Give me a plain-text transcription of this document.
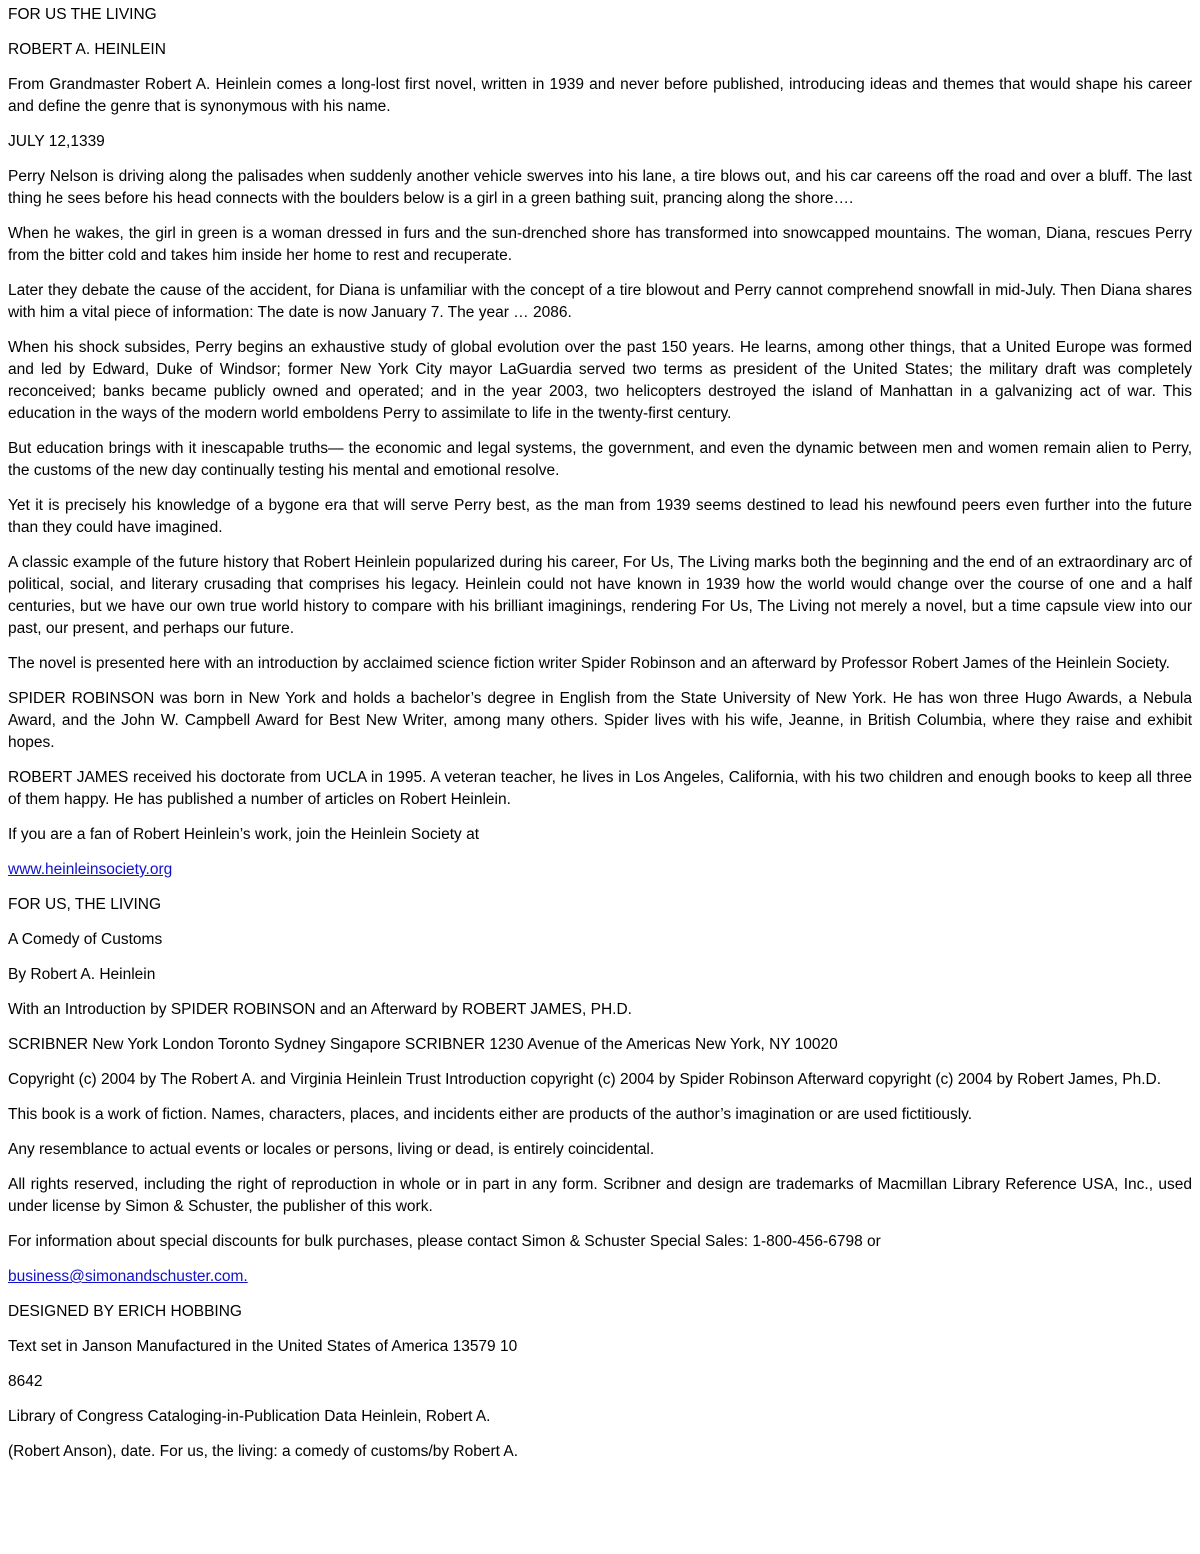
FOR US THE LIVING

ROBERT A. HEINLEIN

From Grandmaster Robert A. Heinlein comes a long-lost first novel, written in 1939 and never before published, introducing ideas and themes that would shape his career and define the genre that is synonymous with his name.

JULY 12,1339

Perry Nelson is driving along the palisades when suddenly another vehicle swerves into his lane, a tire blows out, and his car careens off the road and over a bluff. The last thing he sees before his head connects with the boulders below is a girl in a green bathing suit, prancing along the shore….

When he wakes, the girl in green is a woman dressed in furs and the sun-drenched shore has transformed into snowcapped mountains. The woman, Diana, rescues Perry from the bitter cold and takes him inside her home to rest and recuperate.

Later they debate the cause of the accident, for Diana is unfamiliar with the concept of a tire blowout and Perry cannot comprehend snowfall in mid-July. Then Diana shares with him a vital piece of information: The date is now January 7. The year … 2086.

When his shock subsides, Perry begins an exhaustive study of global evolution over the past 150 years. He learns, among other things, that a United Europe was formed and led by Edward, Duke of Windsor; former New York City mayor LaGuardia served two terms as president of the United States; the military draft was completely reconceived; banks became publicly owned and operated; and in the year 2003, two helicopters destroyed the island of Manhattan in a galvanizing act of war. This education in the ways of the modern world emboldens Perry to assimilate to life in the twenty-first century.

But education brings with it inescapable truths— the economic and legal systems, the government, and even the dynamic between men and women remain alien to Perry, the customs of the new day continually testing his mental and emotional resolve.

Yet it is precisely his knowledge of a bygone era that will serve Perry best, as the man from 1939 seems destined to lead his newfound peers even further into the future than they could have imagined.

A classic example of the future history that Robert Heinlein popularized during his career, For Us, The Living marks both the beginning and the end of an extraordinary arc of political, social, and literary crusading that comprises his legacy. Heinlein could not have known in 1939 how the world would change over the course of one and a half centuries, but we have our own true world history to compare with his brilliant imaginings, rendering For Us, The Living not merely a novel, but a time capsule view into our past, our present, and perhaps our future.

The novel is presented here with an introduction by acclaimed science fiction writer Spider Robinson and an afterward by Professor Robert James of the Heinlein Society.

SPIDER ROBINSON was born in New York and holds a bachelor’s degree in English from the State University of New York. He has won three Hugo Awards, a Nebula Award, and the John W. Campbell Award for Best New Writer, among many others. Spider lives with his wife, Jeanne, in British Columbia, where they raise and exhibit hopes.

ROBERT JAMES received his doctorate from UCLA in 1995. A veteran teacher, he lives in Los Angeles, California, with his two children and enough books to keep all three of them happy. He has published a number of articles on Robert Heinlein.

If you are a fan of Robert Heinlein’s work, join the Heinlein Society at

www.heinleinsociety.org

FOR US, THE LIVING

A Comedy of Customs

By Robert A. Heinlein

With an Introduction by SPIDER ROBINSON and an Afterward by ROBERT JAMES, PH.D.

SCRIBNER New York London Toronto Sydney Singapore SCRIBNER 1230 Avenue of the Americas New York, NY 10020

Copyright (c) 2004 by The Robert A. and Virginia Heinlein Trust Introduction copyright (c) 2004 by Spider Robinson Afterward copyright (c) 2004 by Robert James, Ph.D.

This book is a work of fiction. Names, characters, places, and incidents either are products of the author’s imagination or are used fictitiously.

Any resemblance to actual events or locales or persons, living or dead, is entirely coincidental.

All rights reserved, including the right of reproduction in whole or in part in any form. Scribner and design are trademarks of Macmillan Library Reference USA, Inc., used under license by Simon & Schuster, the publisher of this work.

For information about special discounts for bulk purchases, please contact Simon & Schuster Special Sales: 1-800-456-6798 or

business@simonandschuster.com.

DESIGNED BY ERICH HOBBING

Text set in Janson Manufactured in the United States of America 13579 10

8642

Library of Congress Cataloging-in-Publication Data Heinlein, Robert A.

(Robert Anson), date. For us, the living: a comedy of customs/by Robert A.
